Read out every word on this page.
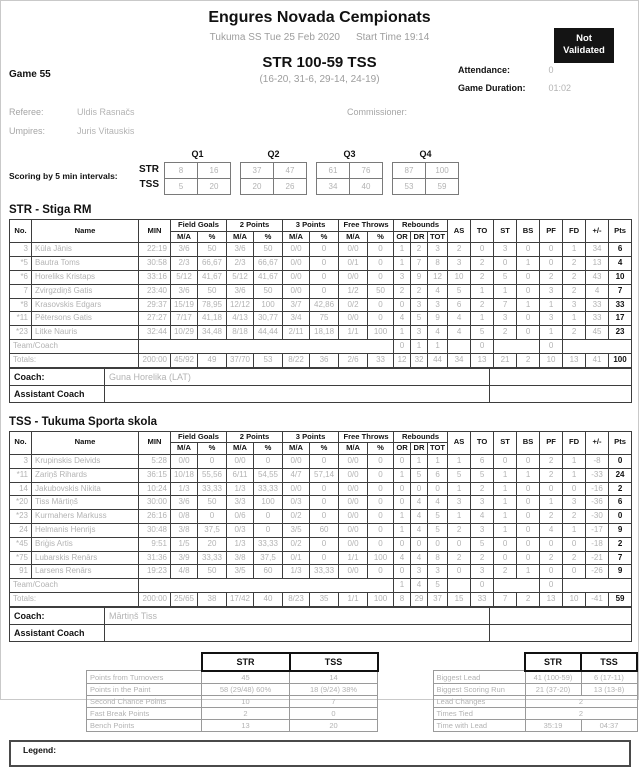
Engures Novada Cempionats
Tukuma SS Tue 25 Feb 2020 Start Time 19:14	Not Validated
Game 55
STR 100-59 TSS
(16-20, 31-6, 29-14, 24-19)
Attendance:	0
Game Duration:	01:02
Referee:	Uldis Rasnačs	Commissioner:
Umpires:	Juris Vitauskis
Scoring by 5 min intervals:
STR
TSS
Q1
8	16
5	20
Q2
37	47
20	26
Q3
61	76
34	40
Q4
87	100
53	59
STR - Stiga RM
No.	Name	MIN	Field Goals		2 Points		3 Points		Free Throws		Rebounds			AS	TO	ST	BS	PF	FD	+/-	Pts
			M/A	%	M/A	%	M/A	%	M/A	%	OR	DR	TOT								
3	Kūla Jānis	22:19	3/6	50	3/6	50	0/0	0	0/0	0	1	2	3	2	0	3	0	0	1	34	6
*5	Bautra Toms	30:58	2/3	66,67	2/3	66,67	0/0	0	0/1	0	1	7	8	3	2	0	1	0	2	13	4
*6	Horeliks Kristaps	33:16	5/12	41,67	5/12	41,67	0/0	0	0/0	0	3	9	12	10	2	5	0	2	2	43	10
7	Zvirgzdiņš Gatis	23:40	3/6	50	3/6	50	0/0	0	1/2	50	2	2	4	5	1	1	0	3	2	4	7
*8	Krasovskis Edgars	29:37	15/19	78,95	12/12	100	3/7	42,86	0/2	0	0	3	3	6	2	7	1	1	3	33	33
*11	Pētersons Gatis	27:27	7/17	41,18	4/13	30,77	3/4	75	0/0	0	4	5	9	4	1	3	0	3	1	33	17
*23	Litke Nauris	32:44	10/29	34,48	8/18	44,44	2/11	18,18	1/1	100	1	3	4	4	5	2	0	1	2	45	23
Team/Coach											0	1	1		0			0			
Totals:		200:00	45/92	49	37/70	53	8/22	36	2/6	33	12	32	44	34	13	21	2	10	13	41	100
Coach:	Guna Horelika (LAT)	
Assistant Coach		
TSS - Tukuma Sporta skola
No.	Name	MIN	Field Goals		2 Points		3 Points		Free Throws		Rebounds			AS	TO	ST	BS	PF	FD	+/-	Pts
			M/A	%	M/A	%	M/A	%	M/A	%	OR	DR	TOT								
3	Krupinskis Deivids	5:28	0/0	0	0/0	0	0/0	0	0/0	0	0	1	1	1	6	0	0	2	1	-8	0
*11	Zariņš Rihards	36:15	10/18	55,56	6/11	54,55	4/7	57,14	0/0	0	1	5	6	5	5	1	1	2	1	-33	24
14	Jakubovskis Nikita	10:24	1/3	33,33	1/3	33,33	0/0	0	0/0	0	0	0	0	1	2	1	0	0	0	-16	2
*20	Tiss Mārtiņš	30:00	3/6	50	3/3	100	0/3	0	0/0	0	0	4	4	3	3	1	0	1	3	-36	6
*23	Kurmahers Markuss	26:16	0/8	0	0/6	0	0/2	0	0/0	0	1	4	5	1	4	1	0	2	2	-30	0
24	Helmanis Henrijs	30:48	3/8	37,5	0/3	0	3/5	60	0/0	0	1	4	5	2	3	1	0	4	1	-17	9
*45	Briģis Artis	9:51	1/5	20	1/3	33,33	0/2	0	0/0	0	0	0	0	0	5	0	0	0	0	-18	2
*75	Lubarskis Renārs	31:36	3/9	33,33	3/8	37,5	0/1	0	1/1	100	4	4	8	2	2	0	0	2	2	-21	7
91	Larsens Renārs	19:23	4/8	50	3/5	60	1/3	33,33	0/0	0	0	3	3	0	3	2	1	0	0	-26	9
Team/Coach											1	4	5		0			0			
Totals:		200:00	25/65	38	17/42	40	8/23	35	1/1	100	8	29	37	15	33	7	2	13	10	-41	59
Coach:	Mārtiņš Tiss	
Assistant Coach		
	STR	TSS
Points from Turnovers	45	14
Points in the Paint	58 (29/48) 60%	18 (9/24) 38%
Second Chance Points	10	7
Fast Break Points	2	0
Bench Points	13	20
	STR	TSS
Biggest Lead	41 (100-59)	6 (17-11)
Biggest Scoring Run	21 (37-20)	13 (13-8)
Lead Changes	2	
Times Tied	2	
Time with Lead	35:19	04:37
Legend:
